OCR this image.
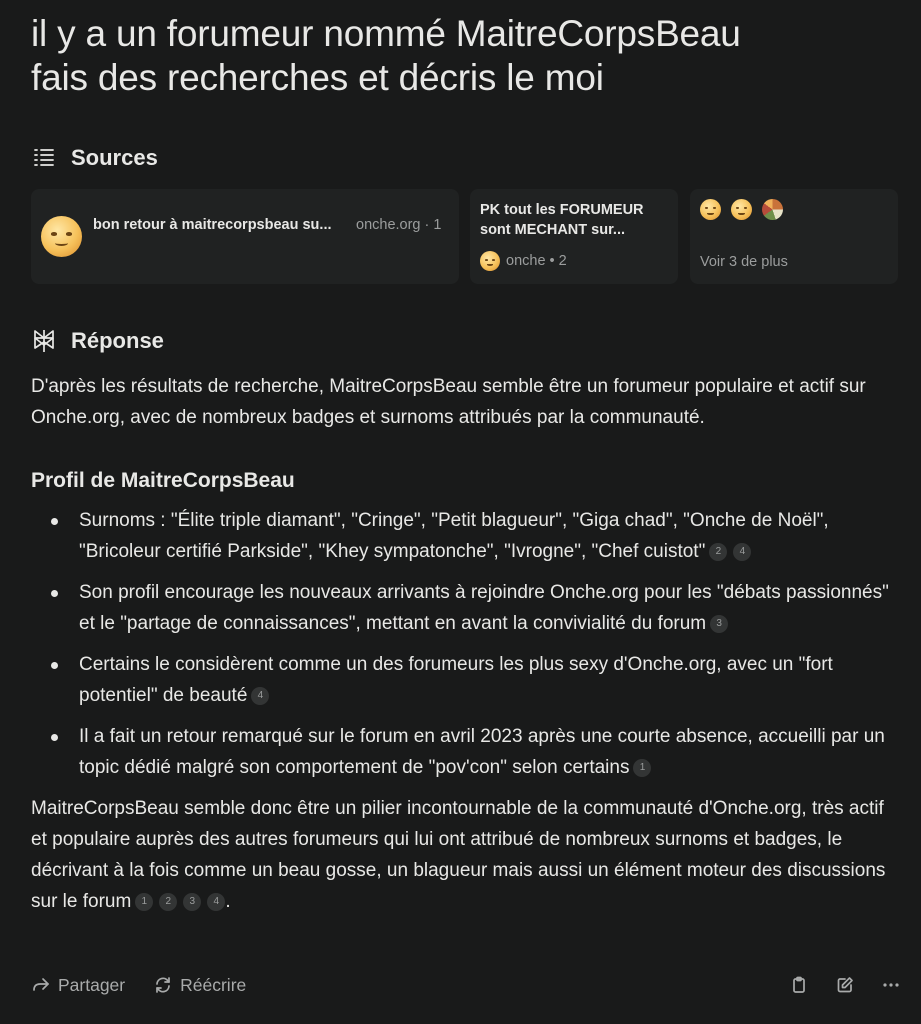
il y a un forumeur nommé MaitreCorpsBeau
fais des recherches et décris le moi
Sources
bon retour à maitrecorpsbeau su... onche.org · 1
PK tout les FORUMEUR sont MECHANT sur...
onche • 2	Voir 3 de plus
Réponse

D'après les résultats de recherche, MaitreCorpsBeau semble être un forumeur populaire et actif sur Onche.org, avec de nombreux badges et surnoms attribués par la communauté.

Profil de MaitreCorpsBeau
Surnoms : "Élite triple diamant", "Cringe", "Petit blagueur", "Giga chad", "Onche de Noël", "Bricoleur certifié Parkside", "Khey sympatonche", "Ivrogne", "Chef cuistot" 2 4
Son profil encourage les nouveaux arrivants à rejoindre Onche.org pour les "débats passionnés" et le "partage de connaissances", mettant en avant la convivialité du forum 3
Certains le considèrent comme un des forumeurs les plus sexy d'Onche.org, avec un "fort potentiel" de beauté 4
Il a fait un retour remarqué sur le forum en avril 2023 après une courte absence, accueilli par un topic dédié malgré son comportement de "pov'con" selon certains 1

MaitreCorpsBeau semble donc être un pilier incontournable de la communauté d'Onche.org, très actif et populaire auprès des autres forumeurs qui lui ont attribué de nombreux surnoms et badges, le décrivant à la fois comme un beau gosse, un blagueur mais aussi un élément moteur des discussions sur le forum 1 2 3 4 .

Partager	Réécrire
